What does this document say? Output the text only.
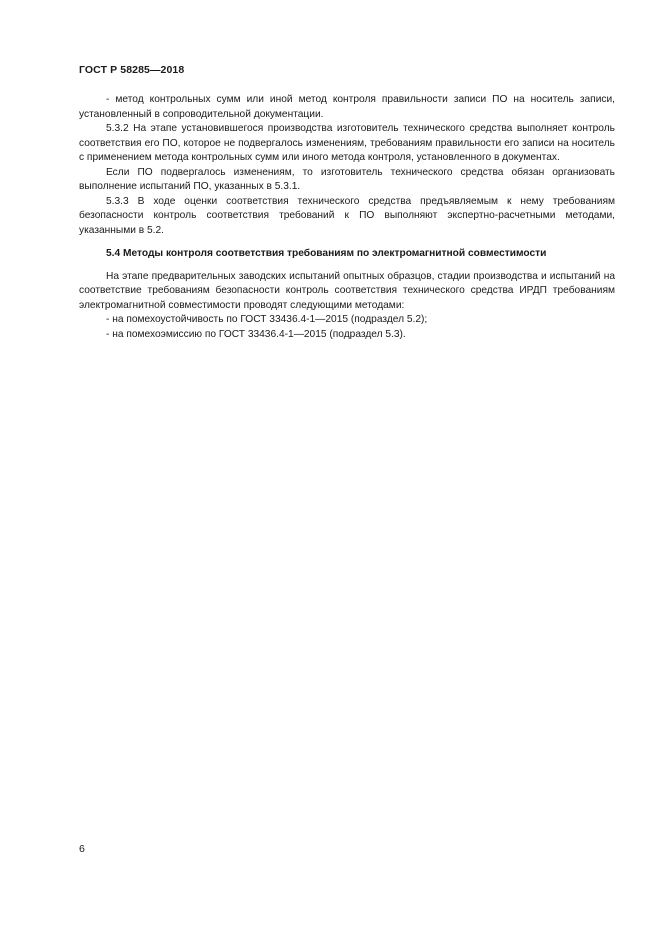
ГОСТ Р 58285—2018

- метод контрольных сумм или иной метод контроля правильности записи ПО на носитель записи, установленный в сопроводительной документации.

5.3.2 На этапе установившегося производства изготовитель технического средства выполняет контроль соответствия его ПО, которое не подвергалось изменениям, требованиям правильности его записи на носитель с применением метода контрольных сумм или иного метода контроля, установленного в документах.

Если ПО подвергалось изменениям, то изготовитель технического средства обязан организовать выполнение испытаний ПО, указанных в 5.3.1.

5.3.3 В ходе оценки соответствия технического средства предъявляемым к нему требованиям безопасности контроль соответствия требований к ПО выполняют экспертно-расчетными методами, указанными в 5.2.

5.4 Методы контроля соответствия требованиям по электромагнитной совместимости

На этапе предварительных заводских испытаний опытных образцов, стадии производства и испытаний на соответствие требованиям безопасности контроль соответствия технического средства ИРДП требованиям электромагнитной совместимости проводят следующими методами:

- на помехоустойчивость по ГОСТ 33436.4-1—2015 (подраздел 5.2);

- на помехоэмиссию по ГОСТ 33436.4-1—2015 (подраздел 5.3).

6
